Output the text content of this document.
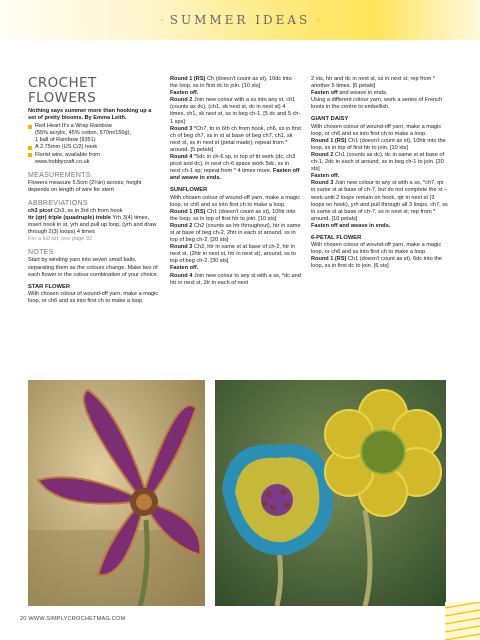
· SUMMER IDEAS ·
CROCHET FLOWERS

Nothing says summer more than hooking up a set of pretty blooms. By Emma Leith.

Red Heart It's a Wrap Rainbow
(55% acrylic, 45% cotton, 570m/150g),
1 ball of Rainbow (9351)
A 2.75mm (US C/2) hook
Florist wire, available from
www.hobbycraft.co.uk
MEASUREMENTS

Flowers measure 5.5cm (2¼in) across; height depends on length of wire for stem

ABBREVIATIONS

ch3 picot Ch3, ss in 3rd ch from hook

ttr (qtr) triple (quadruple) treble Yrh 3(4) times, insert hook in st, yrh and pull up loop, (yrh and draw through 2(3) loops) 4 times

For a full list, see page 92

NOTES

Start by winding yarn into seven small balls, separating them as the colours change. Make two of each flower in the colour combination of your choice.

STAR FLOWER

With chosen colour of wound-off yarn, make a magic loop, or ch6 and ss into first ch to make a loop.

Round 1 (RS) Ch (doesn't count as st), 10dc into the loop, ss in first dc to join. [10 sts]

Fasten off.

Round 2 Join new colour with a ss into any st, ch1 (counts as dc), (ch1, sk next st, dc in next st) 4 times, ch1, sk next st, ss in beg ch-1. [5 dc and 5 ch-1 sps]

Round 3 *Ch7, ttr in 6th ch from hook, ch6, ss in first ch of beg ch7, ss in st at base of beg ch7, ch1, sk next st, ss in next st (petal made); repeat from * around. [5 petals]

Round 4 *5dc in ch-6 sp, in top of ttr work (dc, ch3 picot and dc), in next ch-6 space work 5dc, ss in next ch-1 sp; repeat from * 4 times more. Fasten off and weave in ends.

SUNFLOWER

With chosen colour of wound-off yarn, make a magic loop, or ch6 and ss into first ch to make a loop.

Round 1 (RS) Ch1 (doesn't count as st), 10htr into the loop, ss in top of first htr to join. [10 sts]

Round 2 Ch2 (counts as htr throughout), htr in same st at base of beg ch-2, 2htr in each st around, ss in top of beg ch-2. [20 sts]

Round 3 Ch2, htr in same st at base of ch-2, htr in next st, (2htr in next st, htr in next st), around, ss to top of beg ch-2. [30 sts]

Fasten off.

Round 4 Join new colour to any st with a ss, *dc and htr in next st, 2tr in each of next

2 sts, htr and dc in next st, ss in next st; rep from * another 5 times. [6 petals]

Fasten off and weave in ends.

Using a different colour yarn, work a series of French knots in the centre to embellish.

GIANT DAISY

With chosen colour of wound-off yarn, make a magic loop, or ch6 and ss into first ch to make a loop.

Round 1 (RS) Ch1 (doesn't count as st), 10htr into the loop, ss in top of first htr to join. [10 sts]

Round 2 Ch1 (counts as dc), dc in same st at base of ch-1, 2dc in each st around, ss in beg ch-1 to join. [20 sts]

Fasten off.

Round 3 Join new colour to any st with a ss, *ch7, qtr in same st at base of ch-7, but do not complete the st – work until 2 loops remain on hook, qtr in next st (3 loops on hook), yrh and pull through all 3 loops, ch7, ss in same st at base of ch-7, ss in next st; rep from * around. [10 petals]

Fasten off and weave in ends.

6-PETAL FLOWER

With chosen colour of wound-off yarn, make a magic loop, or ch6 and ss into first ch to make a loop.

Round 1 (RS) Ch1 (doesn't count as st), 6dc into the loop, ss in first dc to join. [6 sts]

20 WWW.SIMPLYCROCHETMAG.COM
